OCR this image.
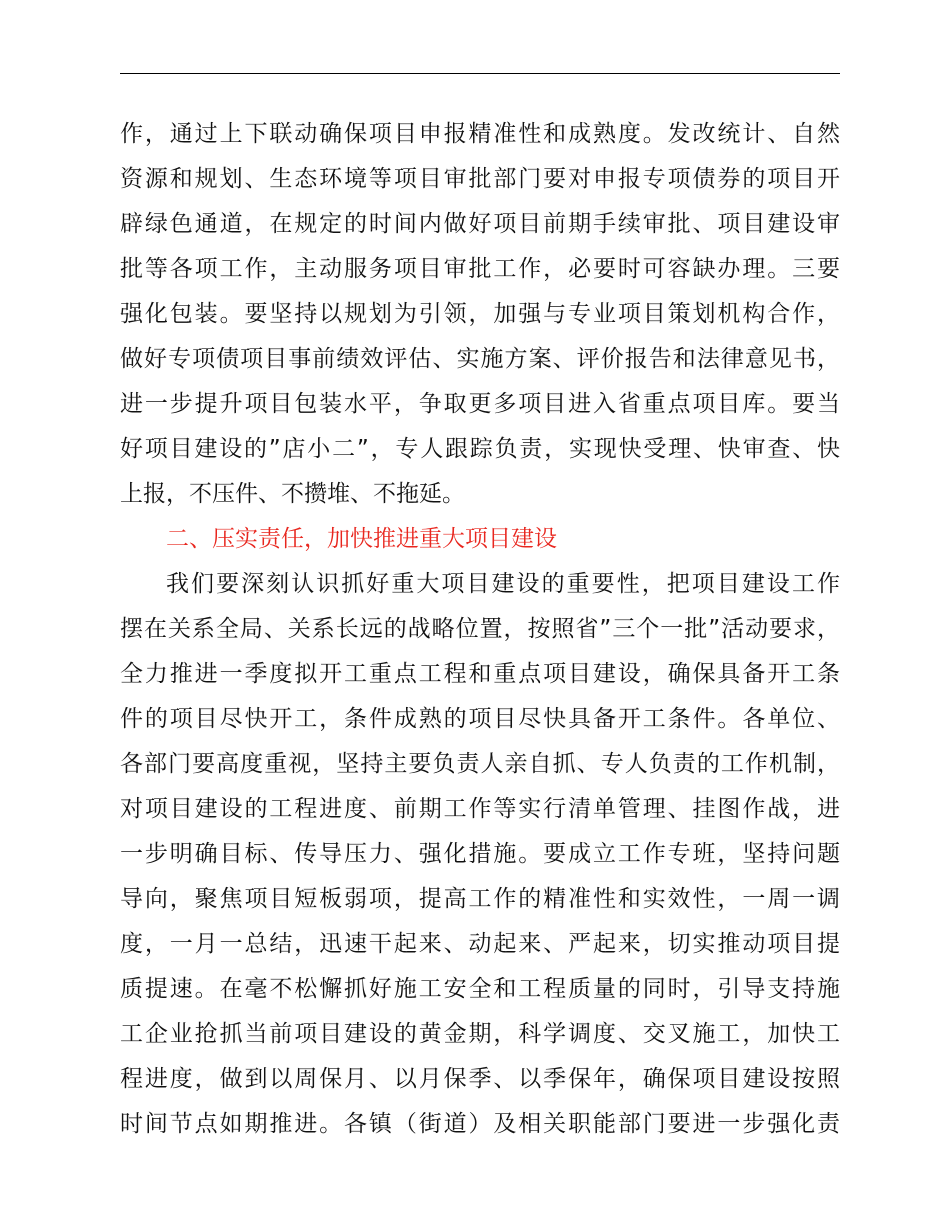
作，通过上下联动确保项目申报精准性和成熟度。发改统计、自然
资源和规划、生态环境等项目审批部门要对申报专项债券的项目开
辟绿色通道，在规定的时间内做好项目前期手续审批、项目建设审
批等各项工作，主动服务项目审批工作，必要时可容缺办理。三要
强化包装。要坚持以规划为引领，加强与专业项目策划机构合作，
做好专项债项目事前绩效评估、实施方案、评价报告和法律意见书，
进一步提升项目包装水平，争取更多项目进入省重点项目库。要当
好项目建设的”店小二”，专人跟踪负责，实现快受理、快审查、快
上报，不压件、不攒堆、不拖延。
二、压实责任，加快推进重大项目建设
我们要深刻认识抓好重大项目建设的重要性，把项目建设工作
摆在关系全局、关系长远的战略位置，按照省”三个一批”活动要求，
全力推进一季度拟开工重点工程和重点项目建设，确保具备开工条
件的项目尽快开工，条件成熟的项目尽快具备开工条件。各单位、
各部门要高度重视，坚持主要负责人亲自抓、专人负责的工作机制，
对项目建设的工程进度、前期工作等实行清单管理、挂图作战，进
一步明确目标、传导压力、强化措施。要成立工作专班，坚持问题
导向，聚焦项目短板弱项，提高工作的精准性和实效性，一周一调
度，一月一总结，迅速干起来、动起来、严起来，切实推动项目提
质提速。在毫不松懈抓好施工安全和工程质量的同时，引导支持施
工企业抢抓当前项目建设的黄金期，科学调度、交叉施工，加快工
程进度，做到以周保月、以月保季、以季保年，确保项目建设按照
时间节点如期推进。各镇（街道）及相关职能部门要进一步强化责
